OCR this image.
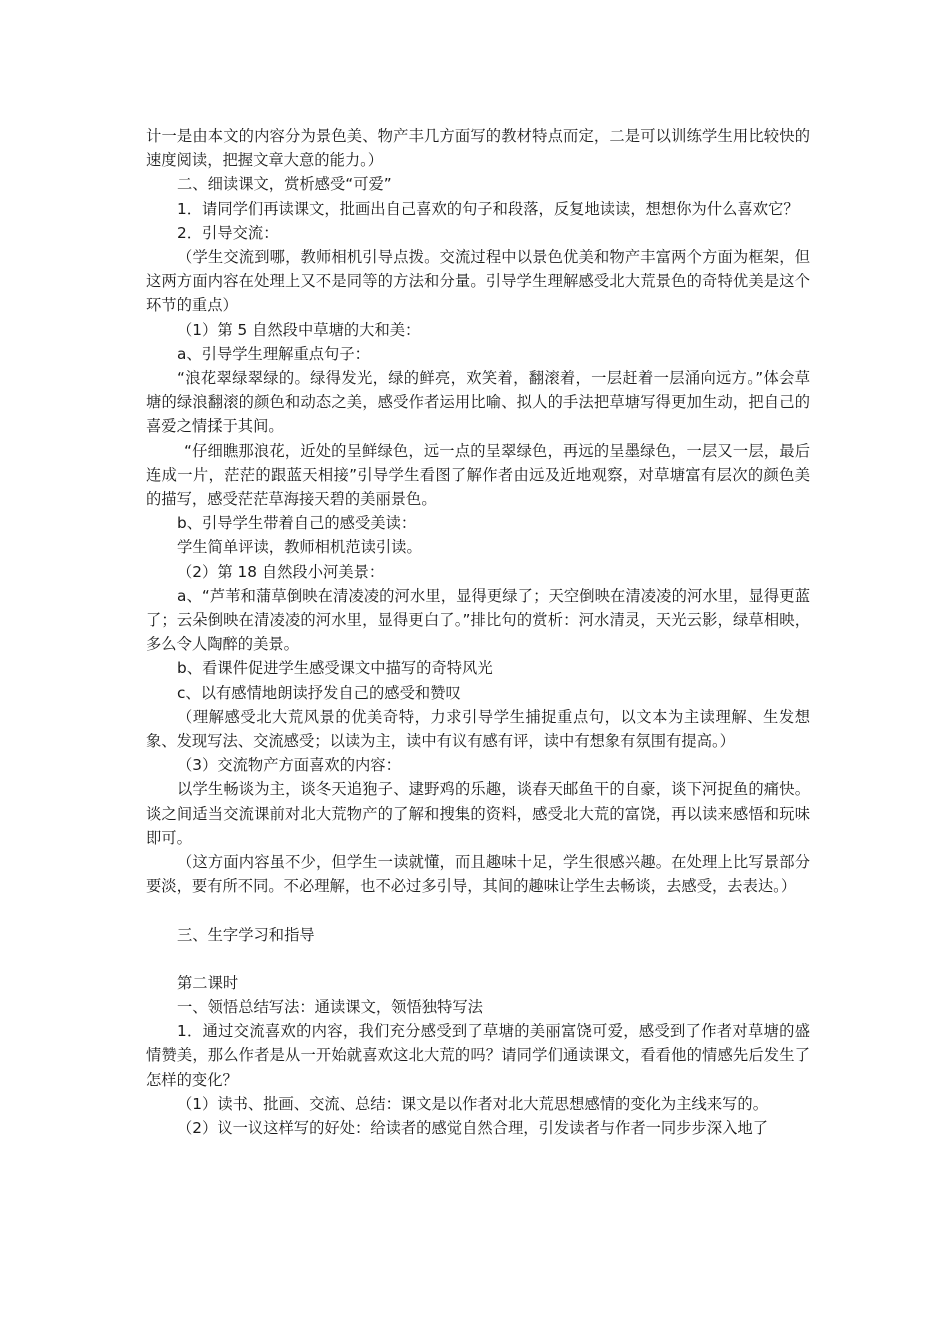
计一是由本文的内容分为景色美、物产丰几方面写的教材特点而定，二是可以训练学生用比较快的速度阅读，把握文章大意的能力。）

二、细读课文，赏析感受“可爱”

1．请同学们再读课文，批画出自己喜欢的句子和段落，反复地读读，想想你为什么喜欢它？

2．引导交流：

（学生交流到哪，教师相机引导点拨。交流过程中以景色优美和物产丰富两个方面为框架，但这两方面内容在处理上又不是同等的方法和分量。引导学生理解感受北大荒景色的奇特优美是这个环节的重点）

（1）第 5 自然段中草塘的大和美：

a、引导学生理解重点句子：

“浪花翠绿翠绿的。绿得发光，绿的鲜亮，欢笑着，翻滚着，一层赶着一层涌向远方。”体会草塘的绿浪翻滚的颜色和动态之美，感受作者运用比喻、拟人的手法把草塘写得更加生动，把自己的喜爱之情揉于其间。

“仔细瞧那浪花，近处的呈鲜绿色，远一点的呈翠绿色，再远的呈墨绿色，一层又一层，最后连成一片，茫茫的跟蓝天相接”引导学生看图了解作者由远及近地观察，对草塘富有层次的颜色美的描写，感受茫茫草海接天碧的美丽景色。

b、引导学生带着自己的感受美读：

学生简单评读，教师相机范读引读。

（2）第 18 自然段小河美景：

a、“芦苇和蒲草倒映在清凌凌的河水里，显得更绿了；天空倒映在清凌凌的河水里，显得更蓝了；云朵倒映在清凌凌的河水里，显得更白了。”排比句的赏析：河水清灵，天光云影，绿草相映，多么令人陶醉的美景。

b、看课件促进学生感受课文中描写的奇特风光

c、以有感情地朗读抒发自己的感受和赞叹

（理解感受北大荒风景的优美奇特，力求引导学生捕捉重点句，以文本为主读理解、生发想象、发现写法、交流感受；以读为主，读中有议有感有评，读中有想象有氛围有提高。）

（3）交流物产方面喜欢的内容：

以学生畅谈为主，谈冬天追狍子、逮野鸡的乐趣，谈春天邮鱼干的自豪，谈下河捉鱼的痛快。谈之间适当交流课前对北大荒物产的了解和搜集的资料，感受北大荒的富饶，再以读来感悟和玩味即可。

（这方面内容虽不少，但学生一读就懂，而且趣味十足，学生很感兴趣。在处理上比写景部分要淡，要有所不同。不必理解，也不必过多引导，其间的趣味让学生去畅谈，去感受，去表达。）

三、生字学习和指导

第二课时

一、领悟总结写法：通读课文，领悟独特写法

1．通过交流喜欢的内容，我们充分感受到了草塘的美丽富饶可爱，感受到了作者对草塘的盛情赞美，那么作者是从一开始就喜欢这北大荒的吗？请同学们通读课文，看看他的情感先后发生了怎样的变化？

（1）读书、批画、交流、总结：课文是以作者对北大荒思想感情的变化为主线来写的。

（2）议一议这样写的好处：给读者的感觉自然合理，引发读者与作者一同步步深入地了
